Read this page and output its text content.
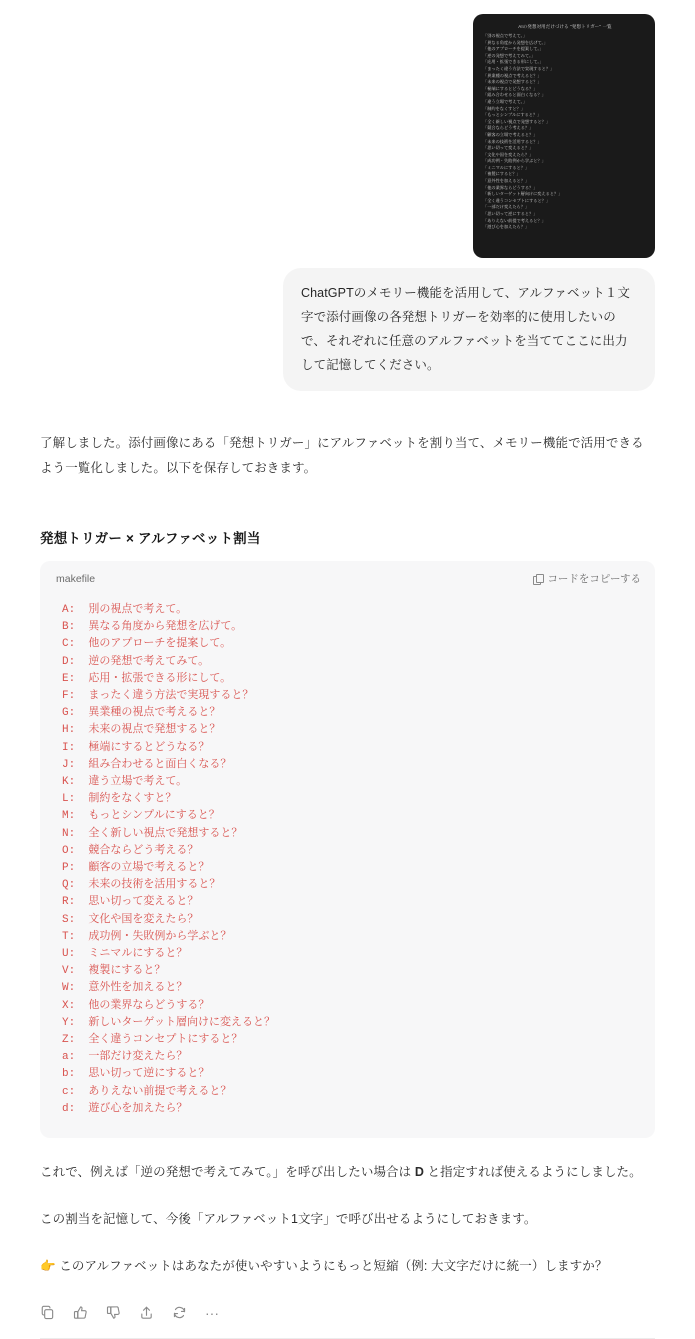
AIの発想対用だけづける "発想トリガー" 一覧
「別の視点で考えて。」
「異なる角度から発想を広げて。」
「他のアプローチを提案して。」
「逆の発想で考えてみて。」
「応用・拡張できる形にして。」
「まったく違う方法で実現すると？」
「異業種の視点で考えると？」
「未来の視点で発想すると？」
「極端にするとどうなる？」
「組み合わせると面白くなる？」
「違う立場で考えて。」
「制約をなくすと？」
「もっとシンプルにすると？」
「全く新しい視点で発想すると？」
「競合ならどう考える？」
「顧客の立場で考えると？」
「未来の技術を活用すると？」
「思い切って変えると？」
「文化や国を変えたら？」
「成功例・失敗例から学ぶと？」
「ミニマルにすると？」
「複製にすると？」
「意外性を加えると？」
「他の業界ならどうする？」
「新しいターゲット層向けに変えると？」
「全く違うコンセプトにすると？」
「一部だけ変えたら？」
「思い切って逆にすると？」
「ありえない前提で考えると？」
「遊び心を加えたら？」
ChatGPTのメモリー機能を活用して、アルファベット１文字で添付画像の各発想トリガーを効率的に使用したいので、それぞれに任意のアルファベットを当ててここに出力して記憶してください。

了解しました。添付画像にある「発想トリガー」にアルファベットを割り当て、メモリー機能で活用できるよう一覧化しました。以下を保存しておきます。

発想トリガー × アルファベット割当
makefile	コードをコピーする
A:  別の視点で考えて。
B:  異なる角度から発想を広げて。
C:  他のアプローチを提案して。
D:  逆の発想で考えてみて。
E:  応用・拡張できる形にして。
F:  まったく違う方法で実現すると？
G:  異業種の視点で考えると？
H:  未来の視点で発想すると？
I:  極端にするとどうなる？
J:  組み合わせると面白くなる？
K:  違う立場で考えて。
L:  制約をなくすと？
M:  もっとシンプルにすると？
N:  全く新しい視点で発想すると？
O:  競合ならどう考える？
P:  顧客の立場で考えると？
Q:  未来の技術を活用すると？
R:  思い切って変えると？
S:  文化や国を変えたら？
T:  成功例・失敗例から学ぶと？
U:  ミニマルにすると？
V:  複製にすると？
W:  意外性を加えると？
X:  他の業界ならどうする？
Y:  新しいターゲット層向けに変えると？
Z:  全く違うコンセプトにすると？
a:  一部だけ変えたら？
b:  思い切って逆にすると？
c:  ありえない前提で考えると？
d:  遊び心を加えたら？

これで、例えば「逆の発想で考えてみて。」を呼び出したい場合は D と指定すれば使えるようにしました。

この割当を記憶して、今後「アルファベット1文字」で呼び出せるようにしておきます。

👉 このアルファベットはあなたが使いやすいようにもっと短縮（例: 大文字だけに統一）しますか？

···
